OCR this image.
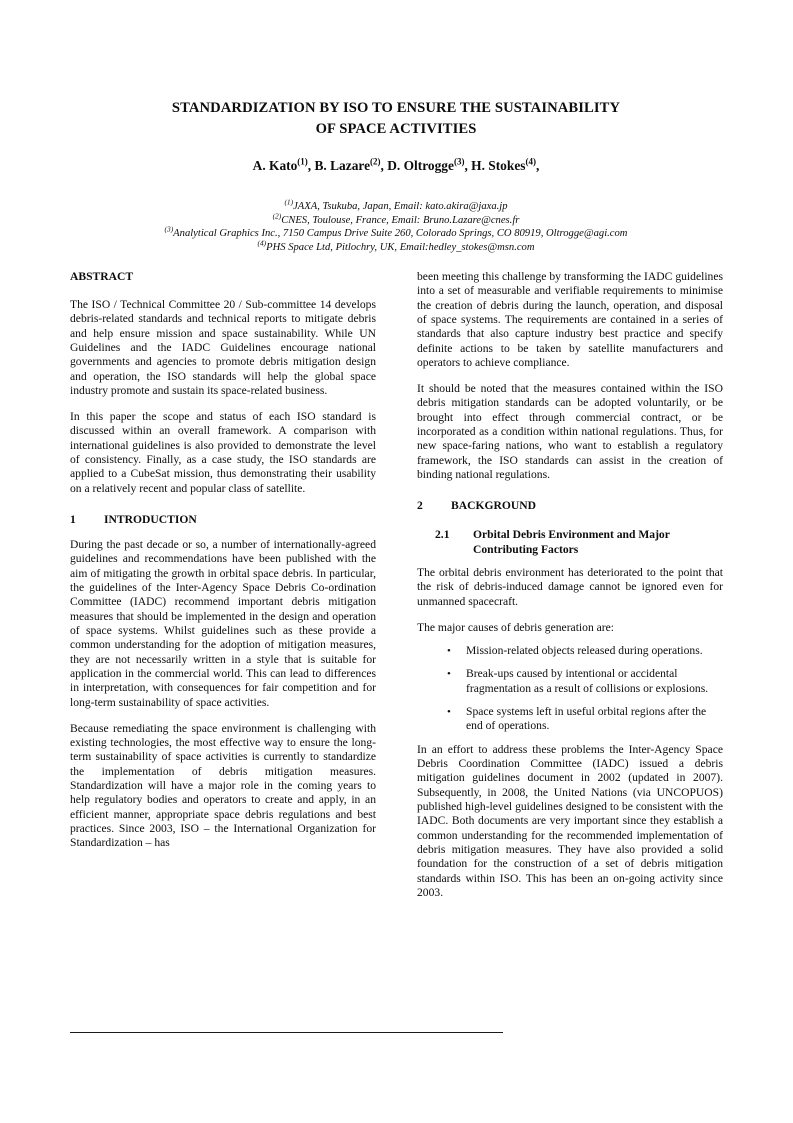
STANDARDIZATION BY ISO TO ENSURE THE SUSTAINABILITY
OF SPACE ACTIVITIES
A. Kato$^{(1)}$, B. Lazare$^{(2)}$, D. Oltrogge$^{(3)}$, H. Stokes$^{(4)}$,
$^{(1)}$JAXA, Tsukuba, Japan, Email: kato.akira@jaxa.jp
$^{(2)}$CNES, Toulouse, France, Email: Bruno.Lazare@cnes.fr
$^{(3)}$Analytical Graphics Inc., 7150 Campus Drive Suite 260, Colorado Springs, CO 80919, Oltrogge@agi.com
$^{(4)}$PHS Space Ltd, Pitlochry, UK, Email:hedley_stokes@msn.com
ABSTRACT

The ISO / Technical Committee 20 / Sub-committee 14 develops debris-related standards and technical reports to mitigate debris and help ensure mission and space sustainability. While UN Guidelines and the IADC Guidelines encourage national governments and agencies to promote debris mitigation design and operation, the ISO standards will help the global space industry promote and sustain its space-related business.

In this paper the scope and status of each ISO standard is discussed within an overall framework. A comparison with international guidelines is also provided to demonstrate the level of consistency. Finally, as a case study, the ISO standards are applied to a CubeSat mission, thus demonstrating their usability on a relatively recent and popular class of satellite.

1	INTRODUCTION

During the past decade or so, a number of internationally-agreed guidelines and recommendations have been published with the aim of mitigating the growth in orbital space debris. In particular, the guidelines of the Inter-Agency Space Debris Co-ordination Committee (IADC) recommend important debris mitigation measures that should be implemented in the design and operation of space systems. Whilst guidelines such as these provide a common understanding for the adoption of mitigation measures, they are not necessarily written in a style that is suitable for application in the commercial world. This can lead to differences in interpretation, with consequences for fair competition and for long-term sustainability of space activities.

Because remediating the space environment is challenging with existing technologies, the most effective way to ensure the long-term sustainability of space activities is currently to standardize the implementation of debris mitigation measures. Standardization will have a major role in the coming years to help regulatory bodies and operators to create and apply, in an efficient manner, appropriate space debris regulations and best practices. Since 2003, ISO – the International Organization for Standardization – has

been meeting this challenge by transforming the IADC guidelines into a set of measurable and verifiable requirements to minimise the creation of debris during the launch, operation, and disposal of space systems. The requirements are contained in a series of standards that also capture industry best practice and specify definite actions to be taken by satellite manufacturers and operators to achieve compliance.

It should be noted that the measures contained within the ISO debris mitigation standards can be adopted voluntarily, or be brought into effect through commercial contract, or be incorporated as a condition within national regulations. Thus, for new space-faring nations, who want to establish a regulatory framework, the ISO standards can assist in the creation of binding national regulations.

2	BACKGROUND
2.1	Orbital Debris Environment and Major Contributing Factors

The orbital debris environment has deteriorated to the point that the risk of debris-induced damage cannot be ignored even for unmanned spacecraft.

The major causes of debris generation are:

• Mission-related objects released during operations.
• Break-ups caused by intentional or accidental fragmentation as a result of collisions or explosions.
• Space systems left in useful orbital regions after the end of operations.

In an effort to address these problems the Inter-Agency Space Debris Coordination Committee (IADC) issued a debris mitigation guidelines document in 2002 (updated in 2007). Subsequently, in 2008, the United Nations (via UNCOPUOS) published high-level guidelines designed to be consistent with the IADC. Both documents are very important since they establish a common understanding for the recommended implementation of debris mitigation measures. They have also provided a solid foundation for the construction of a set of debris mitigation standards within ISO. This has been an on-going activity since 2003.
